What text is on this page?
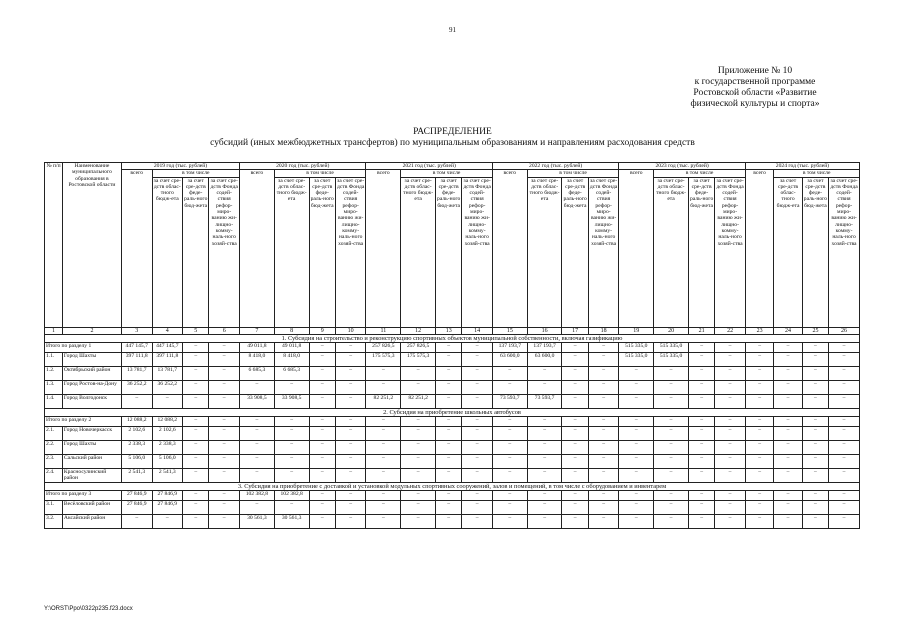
91
Приложение № 10
к государственной программе
Ростовской области «Развитие
физической культуры и спорта»
РАСПРЕДЕЛЕНИЕ
субсидий (иных межбюджетных трансфертов) по муниципальным образованиям и направлениям расходования средств
№ п/п	Наименование муниципального образования в Ростовской области	2019 год (тыс. рублей)				2020 год (тыс. рублей)				2021 год (тыс. рублей)				2022 год (тыс. рублей)				2023 год (тыс. рублей)				2024 год (тыс. рублей)			
		всего	в том числе			всего	в том числе			всего	в том числе			всего	в том числе			всего	в том числе			всего	в том числе		
			за счет сре-дств облас-тного бюдж-ета	за счет сре-дств феде-раль-ного бюд-жета	за счет сре-дств Фонда содей-ствия рефор-миро-ванию жи-лищно-комму-наль-ного хозяй-ства		за счет сре-дств облас-тного бюдж-ета	за счет сре-дств феде-раль-ного бюд-жета	за счет сре-дств Фонда содей-ствия рефор-миро-ванию жи-лищно-комму-наль-ного хозяй-ства		за счет сре-дств облас-тного бюдж-ета	за счет сре-дств феде-раль-ного бюд-жета	за счет сре-дств Фонда содей-ствия рефор-миро-ванию жи-лищно-комму-наль-ного хозяй-ства		за счет сре-дств облас-тного бюдж-ета	за счет сре-дств феде-раль-ного бюд-жета	за счет сре-дств Фонда содей-ствия рефор-миро-ванию жи-лищно-комму-наль-ного хозяй-ства		за счет сре-дств облас-тного бюдж-ета	за счет сре-дств феде-раль-ного бюд-жета	за счет сре-дств Фонда содей-ствия рефор-миро-ванию жи-лищно-комму-наль-ного хозяй-ства		за счет сре-дств облас-тного бюдж-ета	за счет сре-дств феде-раль-ного бюд-жета	за счет сре-дств Фонда содей-ствия рефор-миро-ванию жи-лищно-комму-наль-ного хозяй-ства
1	2	3	4	5	6	7	8	9	10	11	12	13	14	15	16	17	18	19	20	21	22	23	24	25	26
1. Субсидия на строительство и реконструкцию спортивных объектов муниципальной собственности, включая газификацию																									
Итого по разделу 1		447 145,7	447 145,7	–	–	49 011,8	49 011,8	–	–	257 826,5	257 826,5	–	–	137 193,7	137 193,7	–	–	515 335,0	515 335,0	–	–	–	–	–	–
1.1.	Город Шахты	397 111,8	397 111,8	–	–	8 418,0	8 418,0	–	–	175 575,3	175 575,3	–	–	63 600,0	63 600,0	–	–	515 335,0	515 335,0	–	–	–	–	–	–
1.2.	Октябрьский район	13 781,7	13 781,7	–	–	6 685,3	6 685,3	–	–	–	–	–	–	–	–	–	–	–	–	–	–	–	–	–	–
1.3.	Город Ростов-на-Дону	36 252,2	36 252,2	–	–	–	–	–	–	–	–	–	–	–	–	–	–	–	–	–	–	–	–	–	–
1.4.	Город Волгодонск	–	–	–	–	33 908,5	33 908,5	–	–	82 251,2	82 251,2	–	–	73 593,7	73 593,7	–	–	–	–	–	–	–	–	–	–
2. Субсидия на приобретение школьных автобусов																									
Итого по разделу 2		12 088,2	12 088,2	–	–	–	–	–	–	–	–	–	–	–	–	–	–	–	–	–	–	–	–	–	–
2.1.	Город Новочеркасск	2 102,6	2 102,6	–	–	–	–	–	–	–	–	–	–	–	–	–	–	–	–	–	–	–	–	–	–
2.2.	Город Шахты	2 338,3	2 338,3	–	–	–	–	–	–	–	–	–	–	–	–	–	–	–	–	–	–	–	–	–	–
2.3.	Сальский район	5 106,0	5 106,0	–	–	–	–	–	–	–	–	–	–	–	–	–	–	–	–	–	–	–	–	–	–
2.4.	Красносулинский район	2 541,3	2 541,3	–	–	–	–	–	–	–	–	–	–	–	–	–	–	–	–	–	–	–	–	–	–
3. Субсидия на приобретение с доставкой и установкой модульных спортивных сооружений, залов и помещений, в том числе с оборудованием и инвентарем																									
Итого по разделу 3		27 846,9	27 846,9	–	–	102 382,8	102 382,8	–	–	–	–	–	–	–	–	–	–	–	–	–	–	–	–	–	–
3.1.	Весёловский район	27 846,9	27 846,9	–	–	–	–	–	–	–	–	–	–	–	–	–	–	–	–	–	–	–	–	–	–
3.2.	Аксайский район	–	–	–	–	30 561,3	30 561,3	–	–	–	–	–	–	–	–	–	–	–	–	–	–	–	–	–	–
Y:\ORST\Ppo\0322p235.f23.docx
